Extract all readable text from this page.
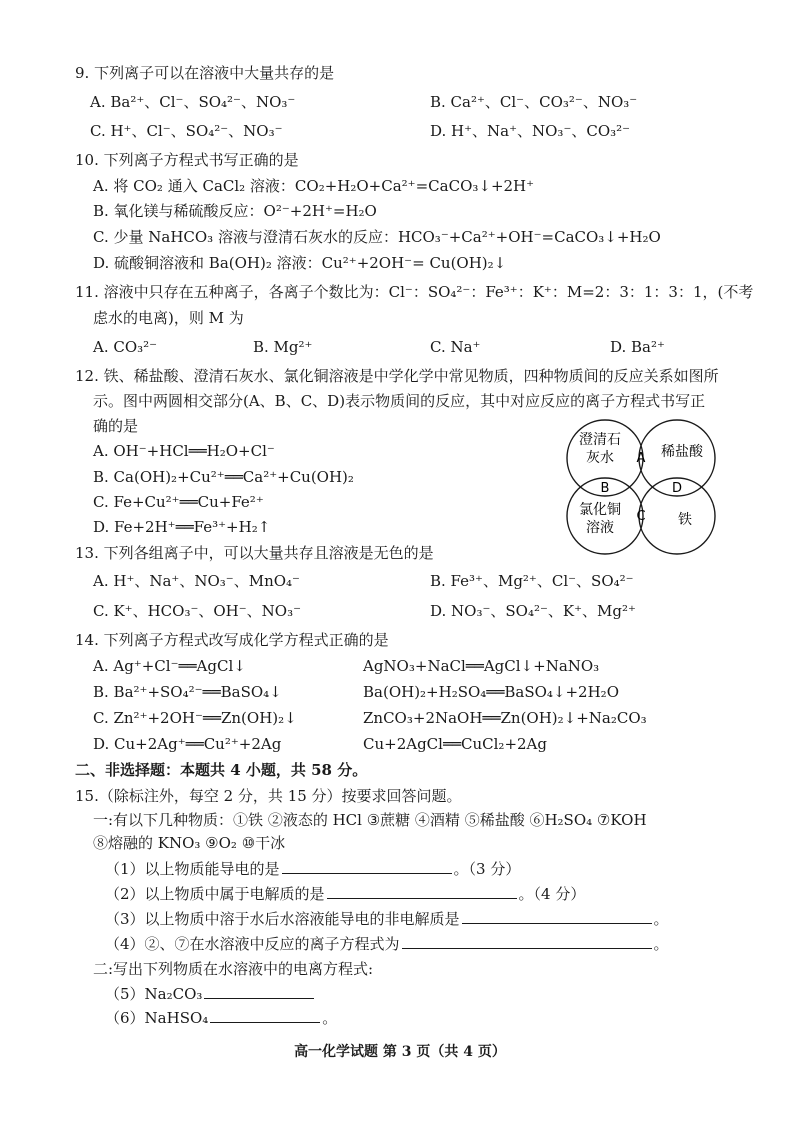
9. 下列离子可以在溶液中大量共存的是
A. Ba²⁺、Cl⁻、SO₄²⁻、NO₃⁻	B. Ca²⁺、Cl⁻、CO₃²⁻、NO₃⁻
C. H⁺、Cl⁻、SO₄²⁻、NO₃⁻	D. H⁺、Na⁺、NO₃⁻、CO₃²⁻
10. 下列离子方程式书写正确的是
A. 将 CO₂ 通入 CaCl₂ 溶液：CO₂+H₂O+Ca²⁺=CaCO₃↓+2H⁺
B. 氧化镁与稀硫酸反应：O²⁻+2H⁺=H₂O
C. 少量 NaHCO₃ 溶液与澄清石灰水的反应：HCO₃⁻+Ca²⁺+OH⁻=CaCO₃↓+H₂O
D. 硫酸铜溶液和 Ba(OH)₂ 溶液：Cu²⁺+2OH⁻= Cu(OH)₂↓
11. 溶液中只存在五种离子，各离子个数比为：Cl⁻：SO₄²⁻：Fe³⁺：K⁺：M=2：3：1：3：1，(不考
虑水的电离)，则 M 为
A. CO₃²⁻	B. Mg²⁺	C. Na⁺	D. Ba²⁺
12. 铁、稀盐酸、澄清石灰水、氯化铜溶液是中学化学中常见物质，四种物质间的反应关系如图所
示。图中两圆相交部分(A、B、C、D)表示物质间的反应，其中对应反应的离子方程式书写正
确的是
A. OH⁻+HCl══H₂O+Cl⁻
B. Ca(OH)₂+Cu²⁺══Ca²⁺+Cu(OH)₂
C. Fe+Cu²⁺══Cu+Fe²⁺
D. Fe+2H⁺══Fe³⁺+H₂↑
澄清石
灰水	稀盐酸
氯化铜
溶液	铁
A
B
C
D
13. 下列各组离子中，可以大量共存且溶液是无色的是
A. H⁺、Na⁺、NO₃⁻、MnO₄⁻	B. Fe³⁺、Mg²⁺、Cl⁻、SO₄²⁻
C. K⁺、HCO₃⁻、OH⁻、NO₃⁻	D. NO₃⁻、SO₄²⁻、K⁺、Mg²⁺
14. 下列离子方程式改写成化学方程式正确的是
A. Ag⁺+Cl⁻══AgCl↓	AgNO₃+NaCl══AgCl↓+NaNO₃
B. Ba²⁺+SO₄²⁻══BaSO₄↓	Ba(OH)₂+H₂SO₄══BaSO₄↓+2H₂O
C. Zn²⁺+2OH⁻══Zn(OH)₂↓	ZnCO₃+2NaOH══Zn(OH)₂↓+Na₂CO₃
D. Cu+2Ag⁺══Cu²⁺+2Ag	Cu+2AgCl══CuCl₂+2Ag
二、非选择题：本题共 4 小题，共 58 分。
15.（除标注外，每空 2 分，共 15 分）按要求回答问题。
一:有以下几种物质：①铁 ②液态的 HCl ③蔗糖 ④酒精 ⑤稀盐酸 ⑥H₂SO₄ ⑦KOH
⑧熔融的 KNO₃ ⑨O₂ ⑩干冰
（1）以上物质能导电的是	。（3 分）
（2）以上物质中属于电解质的是	。（4 分）
（3）以上物质中溶于水后水溶液能导电的非电解质是	。
（4）②、⑦在水溶液中反应的离子方程式为	。
二:写出下列物质在水溶液中的电离方程式:
（5）Na₂CO₃
（6）NaHSO₄	。
高一化学试题 第 3 页（共 4 页）
